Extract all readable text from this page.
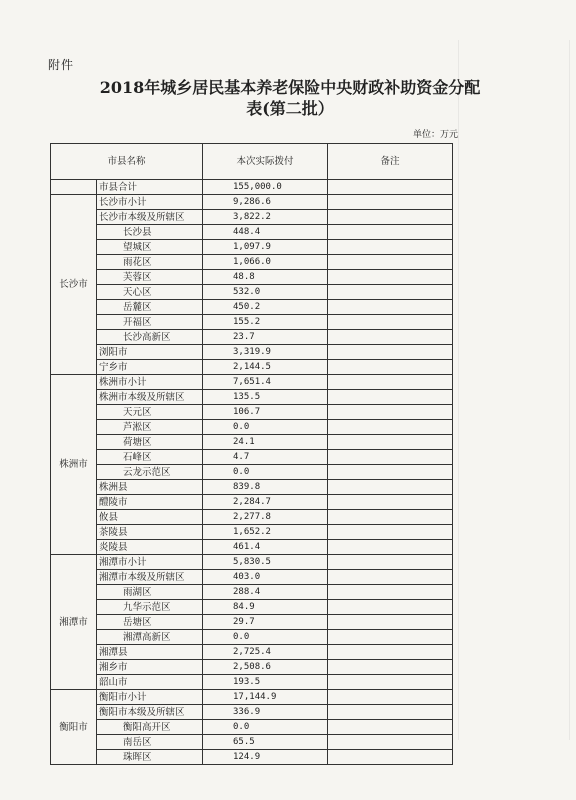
附件
2018年城乡居民基本养老保险中央财政补助资金分配
表(第二批）
单位：万元
市县名称		本次实际拨付	备注
	市县合计	155,000.0	
长沙市	长沙市小计	9,286.6	
	长沙市本级及所辖区	3,822.2	
	长沙县	448.4	
	望城区	1,097.9	
	雨花区	1,066.0	
	芙蓉区	48.8	
	天心区	532.0	
	岳麓区	450.2	
	开福区	155.2	
	长沙高新区	23.7	
	浏阳市	3,319.9	
	宁乡市	2,144.5	
株洲市	株洲市小计	7,651.4	
	株洲市本级及所辖区	135.5	
	天元区	106.7	
	芦淞区	0.0	
	荷塘区	24.1	
	石峰区	4.7	
	云龙示范区	0.0	
	株洲县	839.8	
	醴陵市	2,284.7	
	攸县	2,277.8	
	茶陵县	1,652.2	
	炎陵县	461.4	
湘潭市	湘潭市小计	5,830.5	
	湘潭市本级及所辖区	403.0	
	雨湖区	288.4	
	九华示范区	84.9	
	岳塘区	29.7	
	湘潭高新区	0.0	
	湘潭县	2,725.4	
	湘乡市	2,508.6	
	韶山市	193.5	
衡阳市	衡阳市小计	17,144.9	
	衡阳市本级及所辖区	336.9	
	衡阳高开区	0.0	
	南岳区	65.5	
	珠晖区	124.9	
